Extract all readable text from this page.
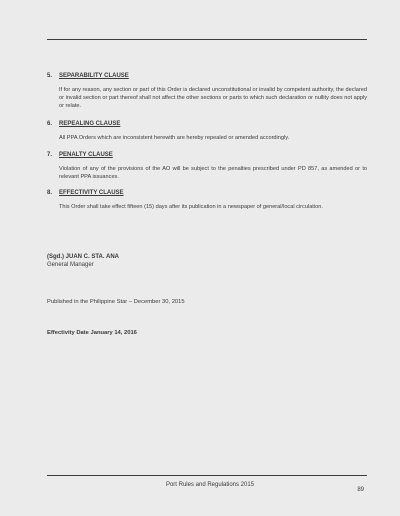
5. SEPARABILITY CLAUSE
If for any reason, any section or part of this Order is declared unconstitutional or invalid by competent authority, the declared or invalid section or part thereof shall not affect the other sections or parts to which such declaration or nullity does not apply or relate.
6. REPEALING CLAUSE
All PPA Orders which are inconsistent herewith are hereby repealed or amended accordingly.
7. PENALTY CLAUSE
Violation of any of the provisions of the AO will be subject to the penalties prescribed under PD 857, as amended or to relevant PPA issuances.
8. EFFECTIVITY CLAUSE
This Order shall take effect fifteen (15) days after its publication in a newspaper of general/local circulation.
(Sgd.) JUAN C. STA. ANA
General Manager
Published in the Philippine Star – December 30, 2015
Effectivity Date January 14, 2016
Port Rules and Regulations 2015
89
